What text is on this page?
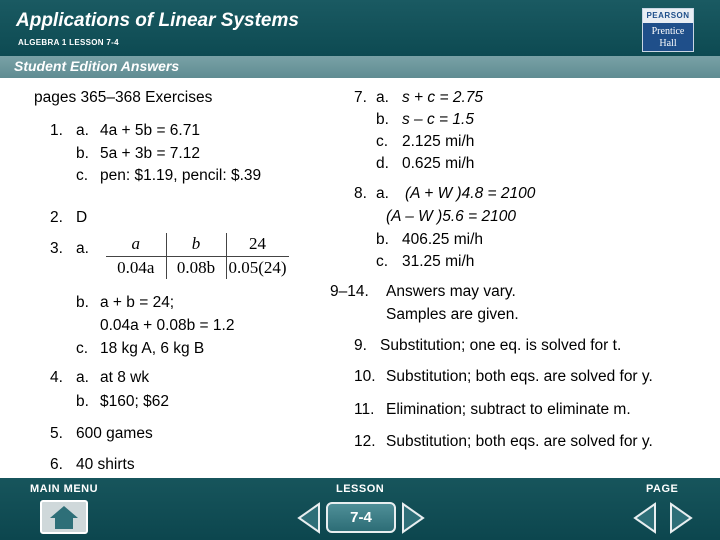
Applications of Linear Systems
ALGEBRA 1 LESSON 7-4
PEARSON
Prentice
Hall
Student Edition Answers
pages 365–368 Exercises
1. a. 4a + 5b = 6.71
b. 5a + 3b = 7.12
c. pen: $1.19, pencil: $.39
2. D
3. a.	a	b	24
0.04a	0.08b	0.05(24)
b. a + b = 24;
0.04a + 0.08b = 1.2
c. 18 kg A, 6 kg B
4. a. at 8 wk
b. $160; $62
5. 600 games
6. 40 shirts
7. a. s + c = 2.75
b. s – c = 1.5
c. 2.125 mi/h
d. 0.625 mi/h
8. a. (A + W )4.8 = 2100
(A – W )5.6 = 2100
b. 406.25 mi/h
c. 31.25 mi/h
9–14. Answers may vary.
Samples are given.
9. Substitution; one eq. is solved for t.
10. Substitution; both eqs. are solved for y.
11. Elimination; subtract to eliminate m.
12. Substitution; both eqs. are solved for y.
MAIN MENU	LESSON	PAGE
7-4
